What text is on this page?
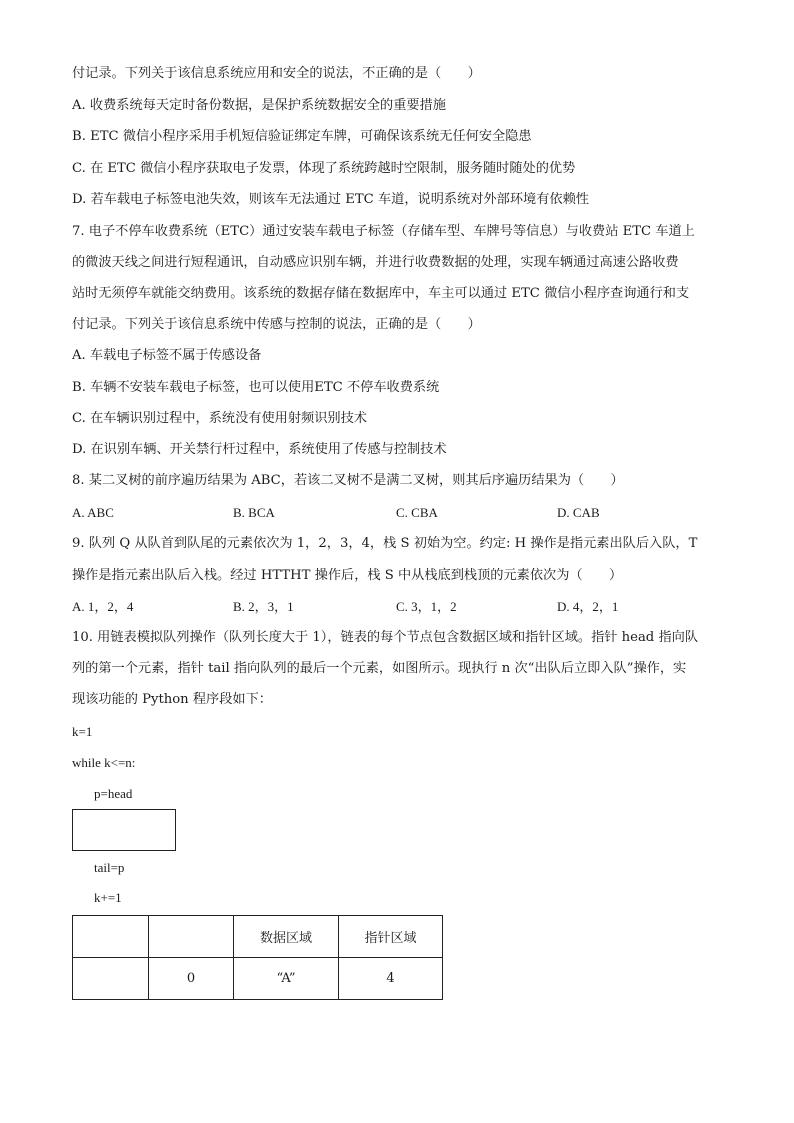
付记录。下列关于该信息系统应用和安全的说法，不正确的是（　　）
A. 收费系统每天定时备份数据，是保护系统数据安全的重要措施
B. ETC 微信小程序采用手机短信验证绑定车牌，可确保该系统无任何安全隐患
C. 在 ETC 微信小程序获取电子发票，体现了系统跨越时空限制，服务随时随处的优势
D. 若车载电子标签电池失效，则该车无法通过 ETC 车道，说明系统对外部环境有依赖性
7. 电子不停车收费系统（ETC）通过安装车载电子标签（存储车型、车牌号等信息）与收费站 ETC 车道上
的微波天线之间进行短程通讯，自动感应识别车辆，并进行收费数据的处理，实现车辆通过高速公路收费
站时无须停车就能交纳费用。该系统的数据存储在数据库中，车主可以通过 ETC 微信小程序查询通行和支
付记录。下列关于该信息系统中传感与控制的说法，正确的是（　　）
A. 车载电子标签不属于传感设备
B. 车辆不安装车载电子标签，也可以使用ETC 不停车收费系统
C. 在车辆识别过程中，系统没有使用射频识别技术
D. 在识别车辆、开关禁行杆过程中，系统使用了传感与控制技术
8. 某二叉树的前序遍历结果为 ABC，若该二叉树不是满二叉树，则其后序遍历结果为（　　）
A. ABC	B. BCA	C. CBA	D. CAB
9. 队列 Q 从队首到队尾的元素依次为 1，2，3，4，栈 S 初始为空。约定: H 操作是指元素出队后入队，T
操作是指元素出队后入栈。经过 HTTHT 操作后，栈 S 中从栈底到栈顶的元素依次为（　　）
A. 1，2，4	B. 2，3，1	C. 3，1，2	D. 4，2，1
10. 用链表模拟队列操作（队列长度大于 1），链表的每个节点包含数据区域和指针区域。指针 head 指向队
列的第一个元素，指针 tail 指向队列的最后一个元素，如图所示。现执行 n 次“出队后立即入队”操作，实
现该功能的 Python 程序段如下：
k=1
while k<=n:
p=head
tail=p
k+=1
		数据区域	指针区域
	0	“A”	4
